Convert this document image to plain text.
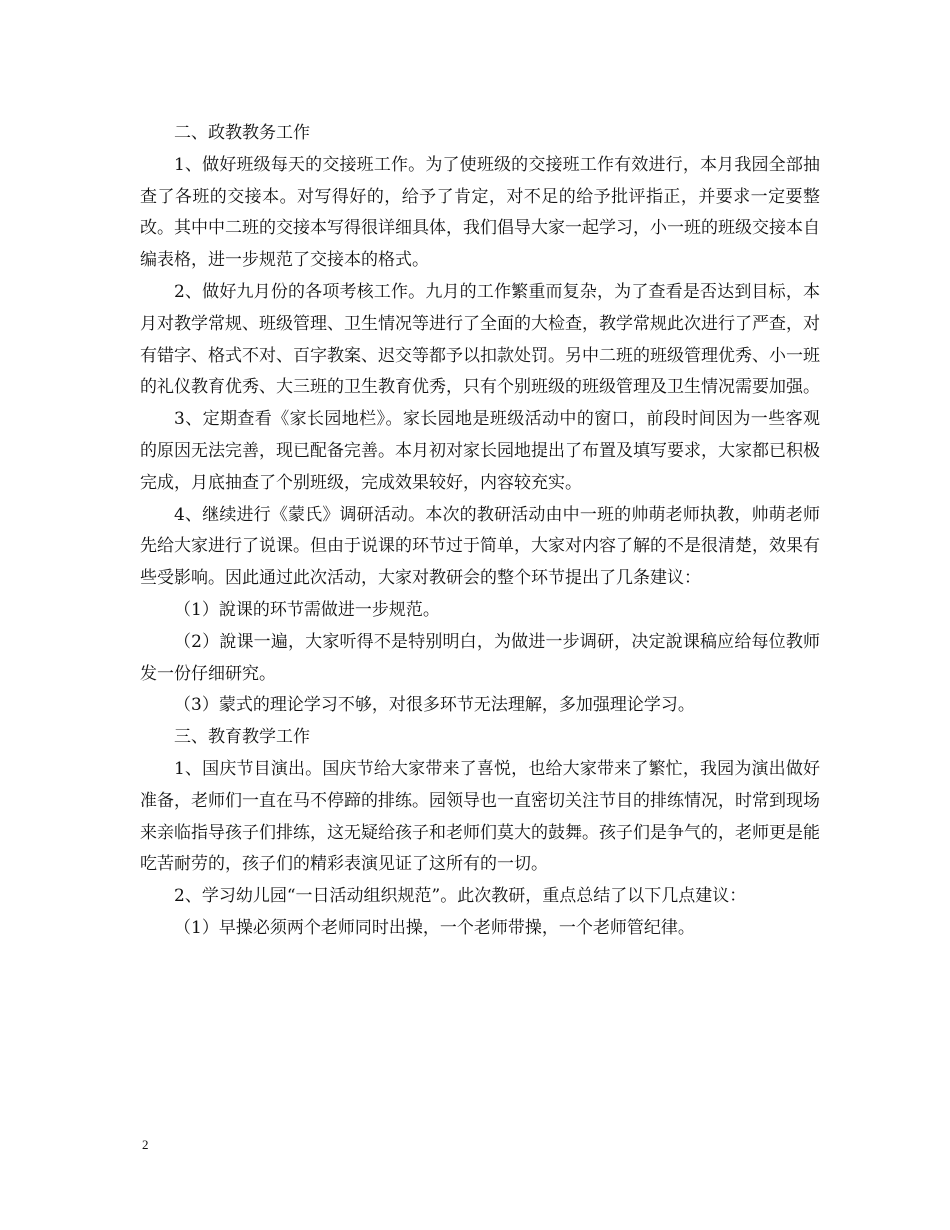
二、政教教务工作

1、做好班级每天的交接班工作。为了使班级的交接班工作有效进行，本月我园全部抽查了各班的交接本。对写得好的，给予了肯定，对不足的给予批评指正，并要求一定要整改。其中中二班的交接本写得很详细具体，我们倡导大家一起学习，小一班的班级交接本自编表格，进一步规范了交接本的格式。

2、做好九月份的各项考核工作。九月的工作繁重而复杂，为了查看是否达到目标，本月对教学常规、班级管理、卫生情况等进行了全面的大检查，教学常规此次进行了严查，对有错字、格式不对、百字教案、迟交等都予以扣款处罚。另中二班的班级管理优秀、小一班的礼仪教育优秀、大三班的卫生教育优秀，只有个别班级的班级管理及卫生情况需要加强。

3、定期查看《家长园地栏》。家长园地是班级活动中的窗口，前段时间因为一些客观的原因无法完善，现已配备完善。本月初对家长园地提出了布置及填写要求，大家都已积极完成，月底抽查了个别班级，完成效果较好，内容较充实。

4、继续进行《蒙氏》调研活动。本次的教研活动由中一班的帅萌老师执教，帅萌老师先给大家进行了说课。但由于说课的环节过于简单，大家对内容了解的不是很清楚，效果有些受影响。因此通过此次活动，大家对教研会的整个环节提出了几条建议：

（1）說课的环节需做进一步规范。

（2）說课一遍，大家听得不是特别明白，为做进一步调研，决定說课稿应给每位教师发一份仔细研究。

（3）蒙式的理论学习不够，对很多环节无法理解，多加强理论学习。

三、教育教学工作

1、国庆节目演出。国庆节给大家带来了喜悦，也给大家带来了繁忙，我园为演出做好准备，老师们一直在马不停蹄的排练。园领导也一直密切关注节目的排练情况，时常到现场来亲临指导孩子们排练，这无疑给孩子和老师们莫大的鼓舞。孩子们是争气的，老师更是能吃苦耐劳的，孩子们的精彩表演见证了这所有的一切。

2、学习幼儿园“一日活动组织规范”。此次教研，重点总结了以下几点建议：

（1）早操必须两个老师同时出操，一个老师带操，一个老师管纪律。

2
